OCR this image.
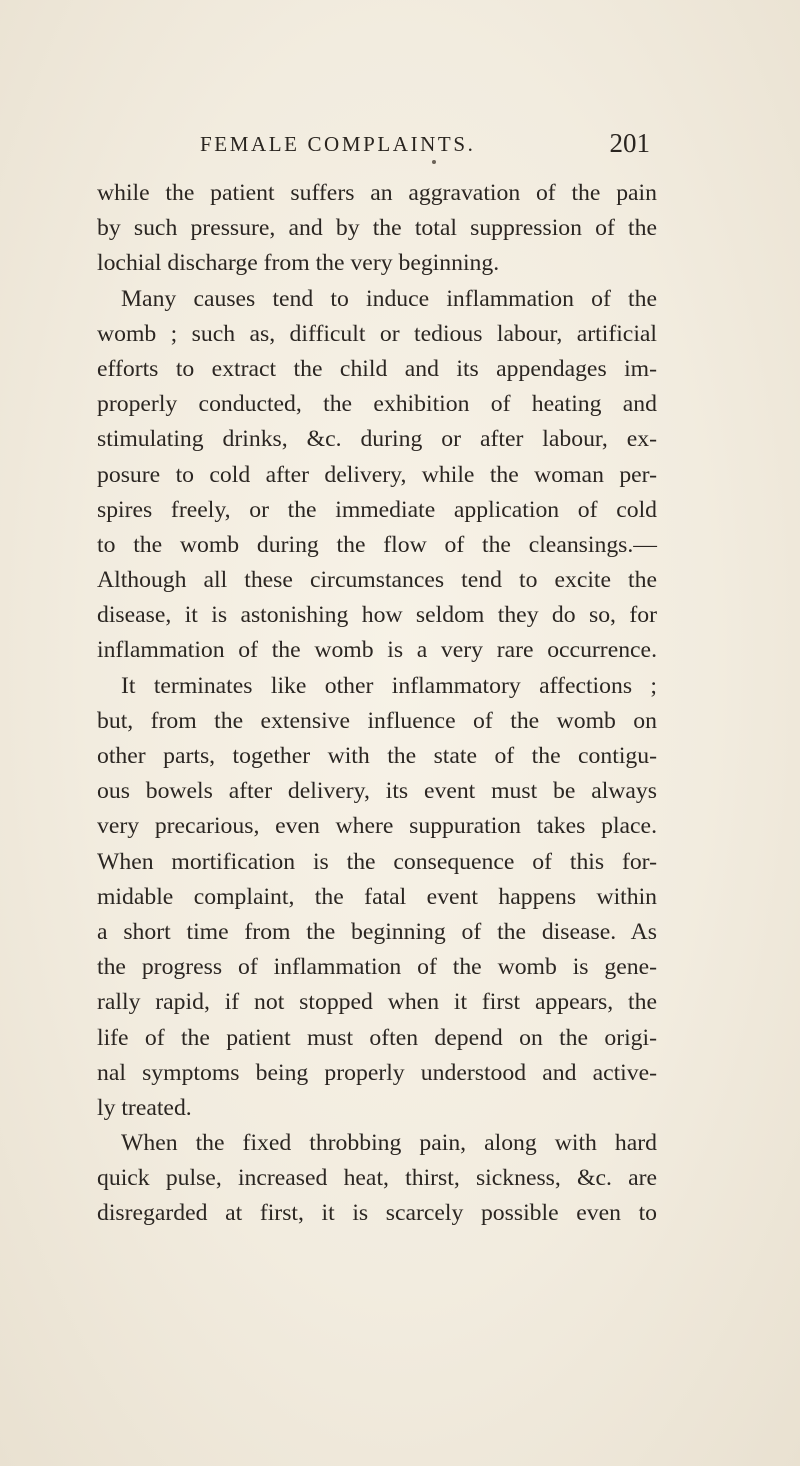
FEMALE COMPLAINTS.	201
while the patient suffers an aggravation of the pain
by such pressure, and by the total suppression of the
lochial discharge from the very beginning.
Many causes tend to induce inflammation of the
womb ; such as, difficult or tedious labour, artificial
efforts to extract the child and its appendages im-
properly conducted, the exhibition of heating and
stimulating drinks, &c. during or after labour, ex-
posure to cold after delivery, while the woman per-
spires freely, or the immediate application of cold
to the womb during the flow of the cleansings.—
Although all these circumstances tend to excite the
disease, it is astonishing how seldom they do so, for
inflammation of the womb is a very rare occurrence.
It terminates like other inflammatory affections ;
but, from the extensive influence of the womb on
other parts, together with the state of the contigu-
ous bowels after delivery, its event must be always
very precarious, even where suppuration takes place.
When mortification is the consequence of this for-
midable complaint, the fatal event happens within
a short time from the beginning of the disease. As
the progress of inflammation of the womb is gene-
rally rapid, if not stopped when it first appears, the
life of the patient must often depend on the origi-
nal symptoms being properly understood and active-
ly treated.
When the fixed throbbing pain, along with hard
quick pulse, increased heat, thirst, sickness, &c. are
disregarded at first, it is scarcely possible even to
